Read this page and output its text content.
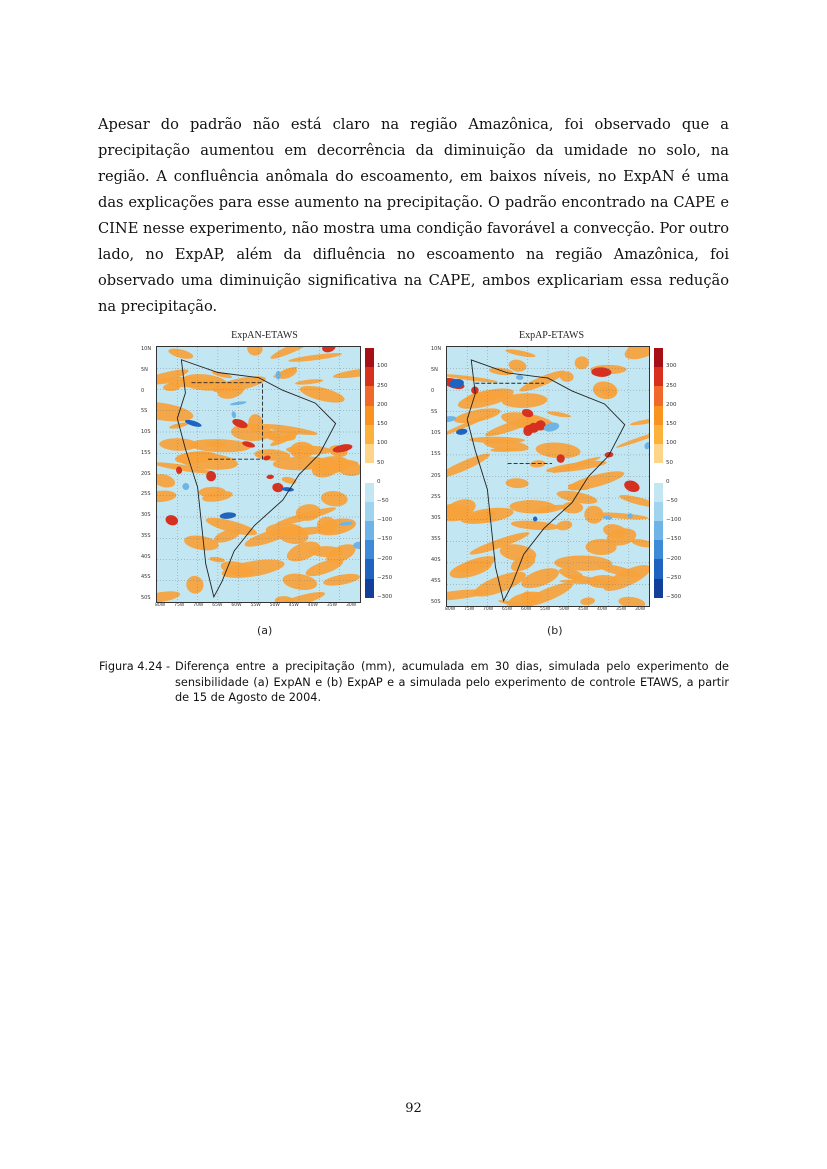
Apesar do padrão não está claro na região Amazônica, foi observado que a precipitação aumentou em decorrência da diminuição da umidade no solo, na região. A confluência anômala do escoamento, em baixos níveis, no ExpAN é uma das explicações para esse aumento na precipitação. O padrão encontrado na CAPE e CINE nesse experimento, não mostra uma condição favorável a convecção. Por outro lado, no ExpAP, além da difluência no escoamento na região Amazônica, foi observado uma diminuição significativa na CAPE, ambos explicariam essa redução na precipitação.

ExpAN-ETAWS
10N
5N
0
5S
10S
15S
20S
25S
30S
35S
40S
45S
50S
80W 75W 70W 65W 60W 55W 50W 45W 40W 35W 30W
100
250
200
150
100
50
0
−50
−100
−150
−200
−250
−300
(a)
ExpAP-ETAWS
10N
5N
0
5S
10S
15S
20S
25S
30S
35S
40S
45S
50S
80W 75W 70W 65W 60W 55W 50W 45W 40W 35W 30W
300
250
200
150
100
50
0
−50
−100
−150
−200
−250
−300
(b)
Figura 4.24 - Diferença entre a precipitação (mm), acumulada em 30 dias, simulada pelo experimento de sensibilidade (a) ExpAN e (b) ExpAP e a simulada pelo experimento de controle ETAWS, a partir de 15 de Agosto de 2004.
92
